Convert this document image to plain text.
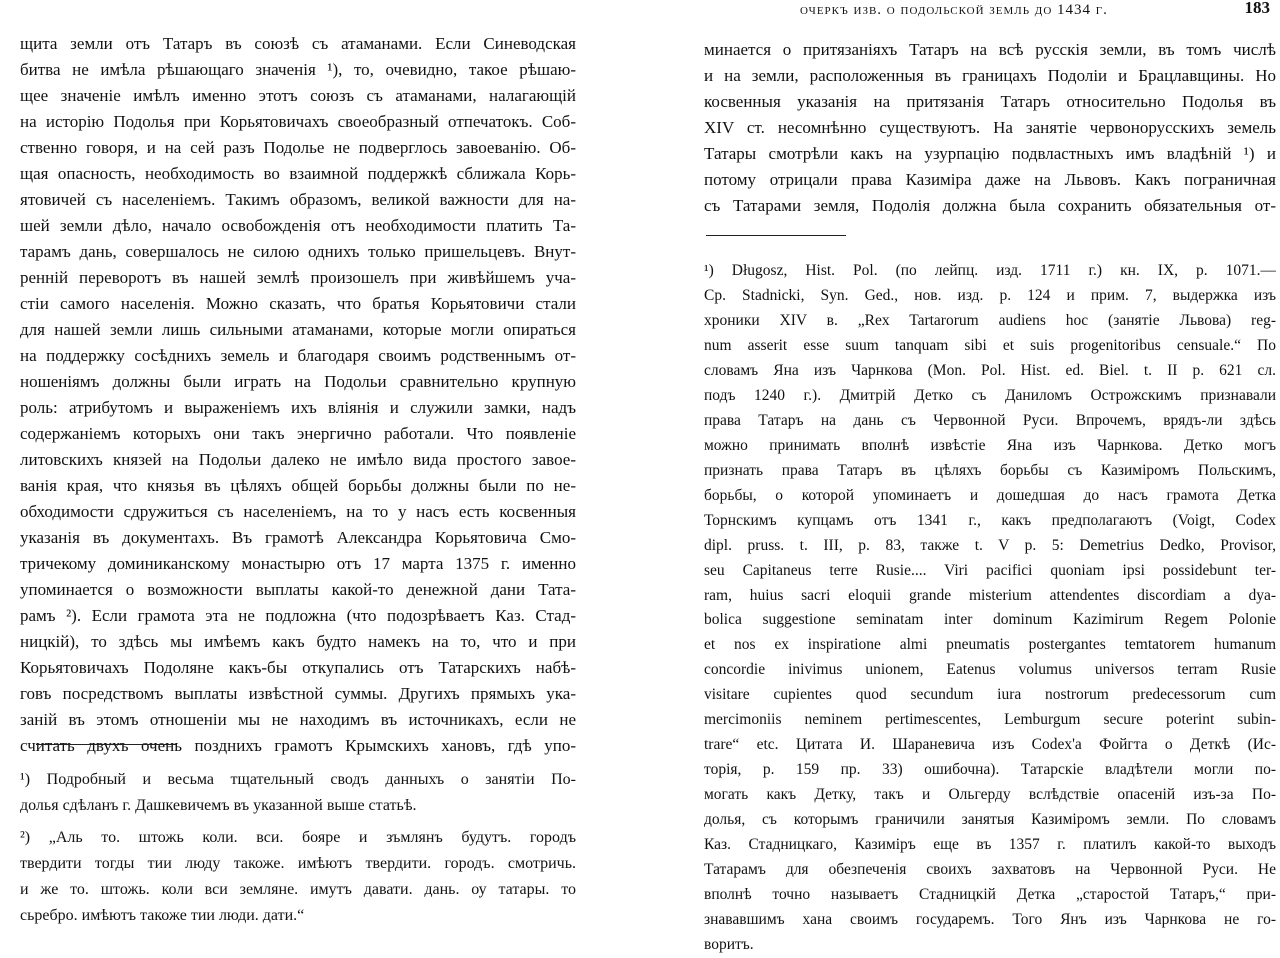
щита земли отъ Татаръ въ союзѣ съ атаманами. Если Синеводская
битва не имѣла рѣшающаго значенія ¹), то, очевидно, такое рѣшаю-
щее значеніе имѣлъ именно этотъ союзъ съ атаманами, налагающій
на исторію Подолья при Корьятовичахъ своеобразный отпечатокъ. Соб-
ственно говоря, и на сей разъ Подолье не подверглось завоеванію. Об-
щая опасность, необходимость во взаимной поддержкѣ сближала Корь-
ятовичей съ населеніемъ. Такимъ образомъ, великой важности для на-
шей земли дѣло, начало освобожденія отъ необходимости платить Та-
тарамъ дань, совершалось не силою однихъ только пришельцевъ. Внут-
ренній переворотъ въ нашей землѣ произошелъ при живѣйшемъ уча-
стіи самого населенія. Можно сказать, что братья Корьятовичи стали
для нашей земли лишь сильными атаманами, которые могли опираться
на поддержку сосѣднихъ земель и благодаря своимъ родственнымъ от-
ношеніямъ должны были играть на Подольи сравнительно крупную
роль: атрибутомъ и выраженіемъ ихъ вліянія и служили замки, надъ
содержаніемъ которыхъ они такъ энергично работали. Что появленіе
литовскихъ князей на Подольи далеко не имѣло вида простого завое-
ванія края, что князья въ цѣляхъ общей борьбы должны были по не-
обходимости сдружиться съ населеніемъ, на то у насъ есть косвенныя
указанія въ документахъ. Въ грамотѣ Александра Корьятовича Смо-
тричекому доминиканскому монастырю отъ 17 марта 1375 г. именно
упоминается о возможности выплаты какой-то денежной дани Тата-
рамъ ²). Если грамота эта не подложна (что подозрѣваетъ Каз. Стад-
ницкій), то здѣсь мы имѣемъ какъ будто намекъ на то, что и при
Корьятовичахъ Подоляне какъ-бы откупались отъ Татарскихъ набѣ-
говъ посредствомъ выплаты извѣстной суммы. Другихъ прямыхъ ука-
заній въ этомъ отношеніи мы не находимъ въ источникахъ, если не
считать двухъ очень позднихъ грамотъ Крымскихъ хановъ, гдѣ упо-
¹) Подробный и весьма тщательный сводъ данныхъ о занятіи По-
долья сдѣланъ г. Дашкевичемъ въ указанной выше статьѣ.
²) „Аль то. штожь коли. вси. бояре и зъмлянъ будутъ. городъ
твердити тогды тии люду такоже. имѣютъ твердити. городъ. смотричь.
и же то. штожь. коли вси земляне. имутъ давати. дань. оу татары. то
сьребро. имѣютъ такоже тии люди. дати.“
очеркъ изв. о подольской земль до 1434 г.	183
минается о притязаніяхъ Татаръ на всѣ русскія земли, въ томъ числѣ
и на земли, расположенныя въ границахъ Подоліи и Брацлавщины. Но
косвенныя указанія на притязанія Татаръ относительно Подолья въ
XIV ст. несомнѣнно существуютъ. На занятіе червонорусскихъ земель
Татары смотрѣли какъ на узурпацію подвластныхъ имъ владѣній ¹) и
потому отрицали права Казиміра даже на Львовъ. Какъ пограничная
съ Татарами земля, Подолія должна была сохранить обязательныя от-
¹) Długosz, Hist. Pol. (по лейпц. изд. 1711 г.) кн. IX, p. 1071.—
Cp. Stadnicki, Syn. Ged., нов. изд. p. 124 и прим. 7, выдержка изъ
хроники XIV в. „Rex Tartarorum audiens hoc (занятіе Львова) reg-
num asserit esse suum tanquam sibi et suis progenitoribus censuale.“ По
словамъ Яна изъ Чарнкова (Mon. Pol. Hist. ed. Biel. t. II p. 621 сл.
подъ 1240 г.). Дмитрій Детко съ Даниломъ Острожскимъ признавали
права Татаръ на дань съ Червонной Руси. Впрочемъ, врядъ-ли здѣсь
можно принимать вполнѣ извѣстіе Яна изъ Чарнкова. Детко могъ
признать права Татаръ въ цѣляхъ борьбы съ Казиміромъ Польскимъ,
борьбы, о которой упоминаетъ и дошедшая до насъ грамота Детка
Торнскимъ купцамъ отъ 1341 г., какъ предполагаютъ (Voigt, Codex
dipl. pruss. t. III, p. 83, также t. V p. 5: Demetrius Dedko, Provisor,
seu Capitaneus terre Rusie.... Viri pacifici quoniam ipsi possidebunt ter-
ram, huius sacri eloquii grande misterium attendentes discordiam a dya-
bolica suggestione seminatam inter dominum Kazimirum Regem Polonie
et nos ex inspiratione almi pneumatis postergantes temtatorem humanum
concordie inivimus unionem, Eatenus volumus universos terram Rusie
visitare cupientes quod secundum iura nostrorum predecessorum cum
mercimoniis neminem pertimescentes, Lemburgum secure poterint subin-
trare“ etc. Цитата И. Шараневича изъ Codex'a Фойгта о Деткѣ (Ис-
торія, p. 159 пр. 33) ошибочна). Татарскіе владѣтели могли по-
могать какъ Детку, такъ и Ольгерду вслѣдствіе опасеній изъ-за По-
долья, съ которымъ граничили занятыя Казиміромъ земли. По словамъ
Каз. Стадницкаго, Казиміръ еще въ 1357 г. платилъ какой-то выходъ
Татарамъ для обезпеченія своихъ захватовъ на Червонной Руси. Не
вполнѣ точно называетъ Стадницкій Детка „старостой Татаръ,“ при-
знававшимъ хана своимъ государемъ. Того Янъ изъ Чарнкова не го-
воритъ.
